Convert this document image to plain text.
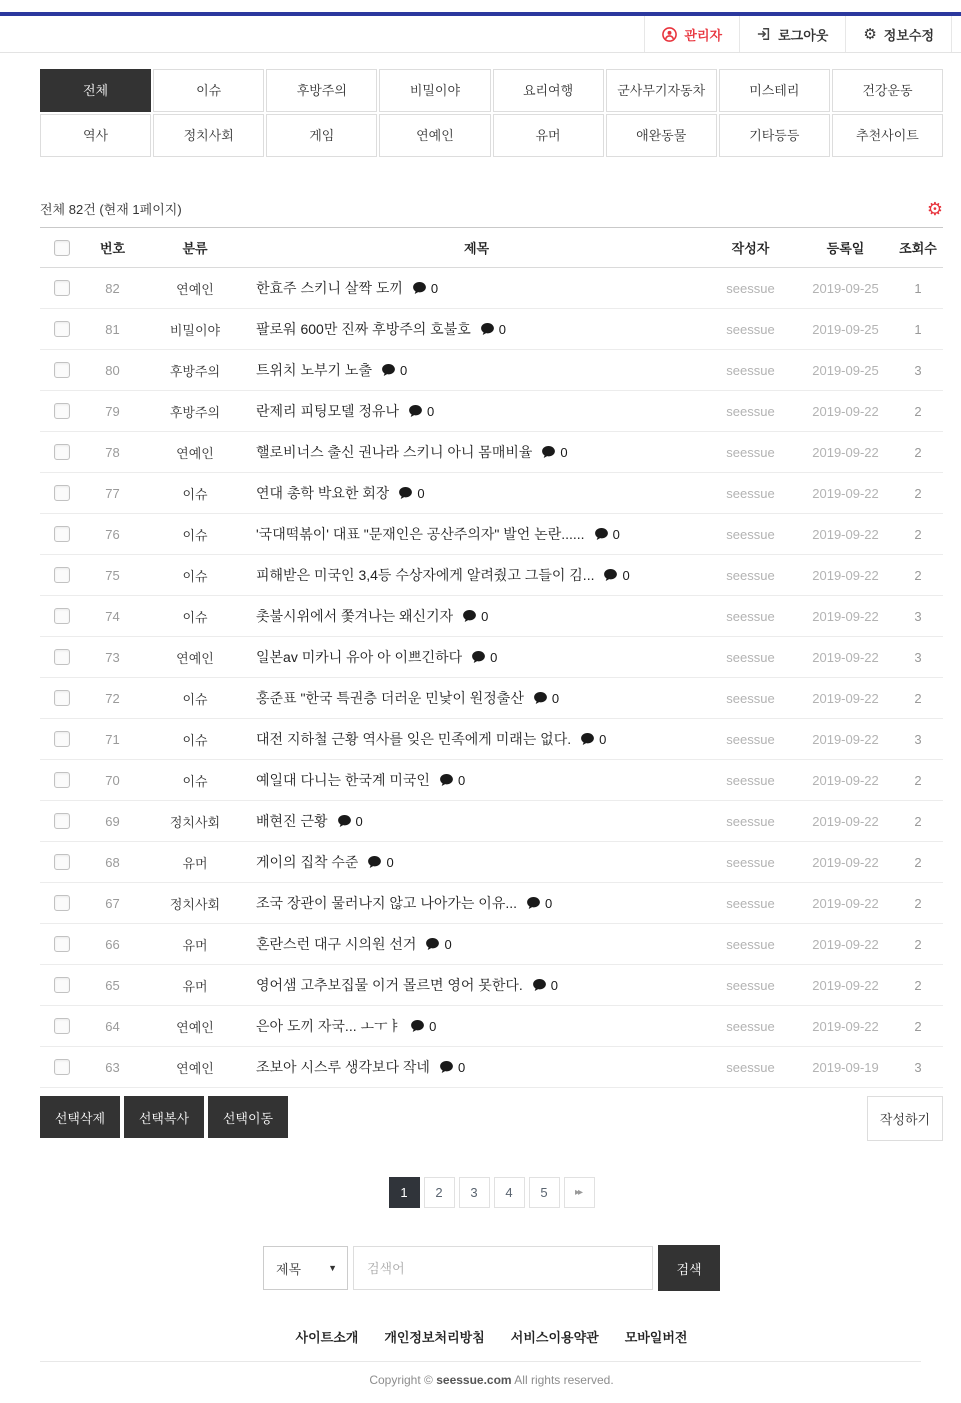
관리자	로그아웃 ⚙ 정보수정
전체	이슈	후방주의	비밀이야	요리여행	군사무기자동차	미스테리	건강운동
역사	정치사회	게임	연예인	유머	애완동물	기타등등	추천사이트
전체 82건 (현재 1페이지)	⚙
번호	분류	제목	작성자	등록일	조회수
82	연예인	한효주 스키니 살짝 도끼 0	seessue	2019-09-25	1
81	비밀이야	팔로워 600만 진짜 후방주의 호불호 0	seessue	2019-09-25	1
80	후방주의	트위치 노부기 노출 0	seessue	2019-09-25	3
79	후방주의	란제리 피팅모델 정유나 0	seessue	2019-09-22	2
78	연예인	핼로비너스 출신 권나라 스키니 아니 몸매비율 0	seessue	2019-09-22	2
77	이슈	연대 총학 박요한 회장 0	seessue	2019-09-22	2
76	이슈	'국대떡볶이' 대표 "문재인은 공산주의자" 발언 논란...... 0	seessue	2019-09-22	2
75	이슈	피해받은 미국인 3,4등 수상자에게 알려줬고 그들이 김... 0	seessue	2019-09-22	2
74	이슈	촛불시위에서 쫓겨나는 왜신기자 0	seessue	2019-09-22	3
73	연예인	일본av 미카니 유아 아 이쁘긴하다 0	seessue	2019-09-22	3
72	이슈	홍준표 "한국 특권층 더러운 민낯이 원정출산 0	seessue	2019-09-22	2
71	이슈	대전 지하철 근황 역사를 잊은 민족에게 미래는 없다. 0	seessue	2019-09-22	3
70	이슈	예일대 다니는 한국계 미국인 0	seessue	2019-09-22	2
69	정치사회	배현진 근황 0	seessue	2019-09-22	2
68	유머	게이의 집착 수준 0	seessue	2019-09-22	2
67	정치사회	조국 장관이 물러나지 않고 나아가는 이유... 0	seessue	2019-09-22	2
66	유머	혼란스런 대구 시의원 선거 0	seessue	2019-09-22	2
65	유머	영어샘 고추보집물 이거 몰르면 영어 못한다. 0	seessue	2019-09-22	2
64	연예인	은아 도끼 자국... ㅗㅜㅑ 0	seessue	2019-09-22	2
63	연예인	조보아 시스루 생각보다 작네 0	seessue	2019-09-19	3
선택삭제	선택복사	선택이동	작성하기
1	2	3	4	5	▸▸
제목	▼
검색어	검색
사이트소개 개인정보처리방침 서비스이용약관 모바일버전
Copyright © seessue.com All rights reserved.
